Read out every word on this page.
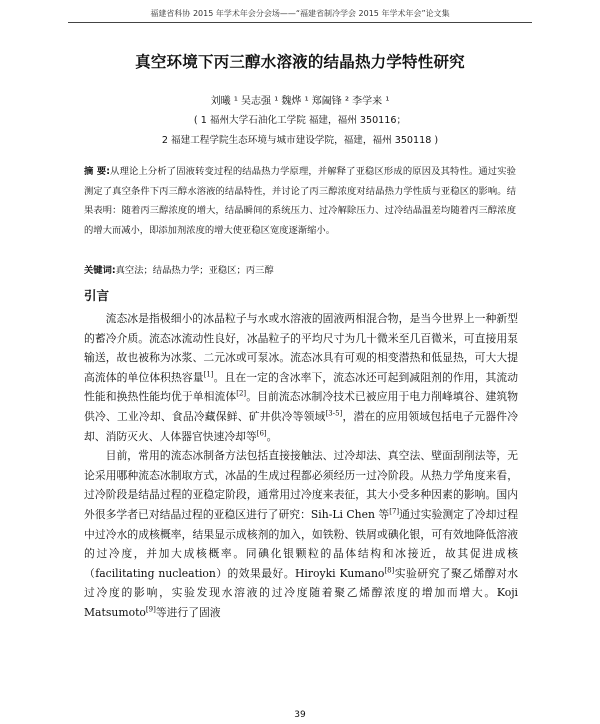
福建省科协 2015 年学术年会分会场——“福建省制冷学会 2015 年学术年会”论文集
真空环境下丙三醇水溶液的结晶热力学特性研究
刘曦 ¹ 吴志强 ¹ 魏烨 ¹ 郑阖锋 ² 李学来 ¹
( 1 福州大学石油化工学院 福建，福州 350116；
2 福建工程学院生态环境与城市建设学院，福建，福州 350118 )
摘 要:从理论上分析了固液转变过程的结晶热力学原理，并解释了亚稳区形成的原因及其特性。通过实验测定了真空条件下丙三醇水溶液的结晶特性，并讨论了丙三醇浓度对结晶热力学性质与亚稳区的影响。结果表明：随着丙三醇浓度的增大，结晶瞬间的系统压力、过冷解除压力、过冷结晶温差均随着丙三醇浓度的增大而减小，即添加剂浓度的增大使亚稳区宽度逐渐缩小。
关键词:真空法；结晶热力学；亚稳区；丙三醇
引言

流态冰是指极细小的冰晶粒子与水或水溶液的固液两相混合物，是当今世界上一种新型的蓄冷介质。流态冰流动性良好，冰晶粒子的平均尺寸为几十微米至几百微米，可直接用泵输送，故也被称为冰浆、二元冰或可泵冰。流态冰具有可观的相变潜热和低显热，可大大提高流体的单位体积热容量[1]。且在一定的含冰率下，流态冰还可起到减阻剂的作用，其流动性能和换热性能均优于单相流体[2]。目前流态冰制冷技术已被应用于电力削峰填谷、建筑物供冷、工业冷却、食品冷藏保鲜、矿井供冷等领域[3-5]，潜在的应用领域包括电子元器件冷却、消防灭火、人体器官快速冷却等[6]。

目前，常用的流态冰制备方法包括直接接触法、过冷却法、真空法、壁面刮削法等，无论采用哪种流态冰制取方式，冰晶的生成过程都必须经历一过冷阶段。从热力学角度来看，过冷阶段是结晶过程的亚稳定阶段，通常用过冷度来表征，其大小受多种因素的影响。国内外很多学者已对结晶过程的亚稳区进行了研究：Sih-Li Chen 等[7]通过实验测定了冷却过程中过冷水的成核概率，结果显示成核剂的加入，如铁粉、铁屑或碘化银，可有效地降低溶液的过冷度，并加大成核概率。同碘化银颗粒的晶体结构和冰接近，故其促进成核（facilitating nucleation）的效果最好。Hiroyki Kumano[8]实验研究了聚乙烯醇对水过冷度的影响，实验发现水溶液的过冷度随着聚乙烯醇浓度的增加而增大。Koji Matsumoto[9]等进行了固液

39
